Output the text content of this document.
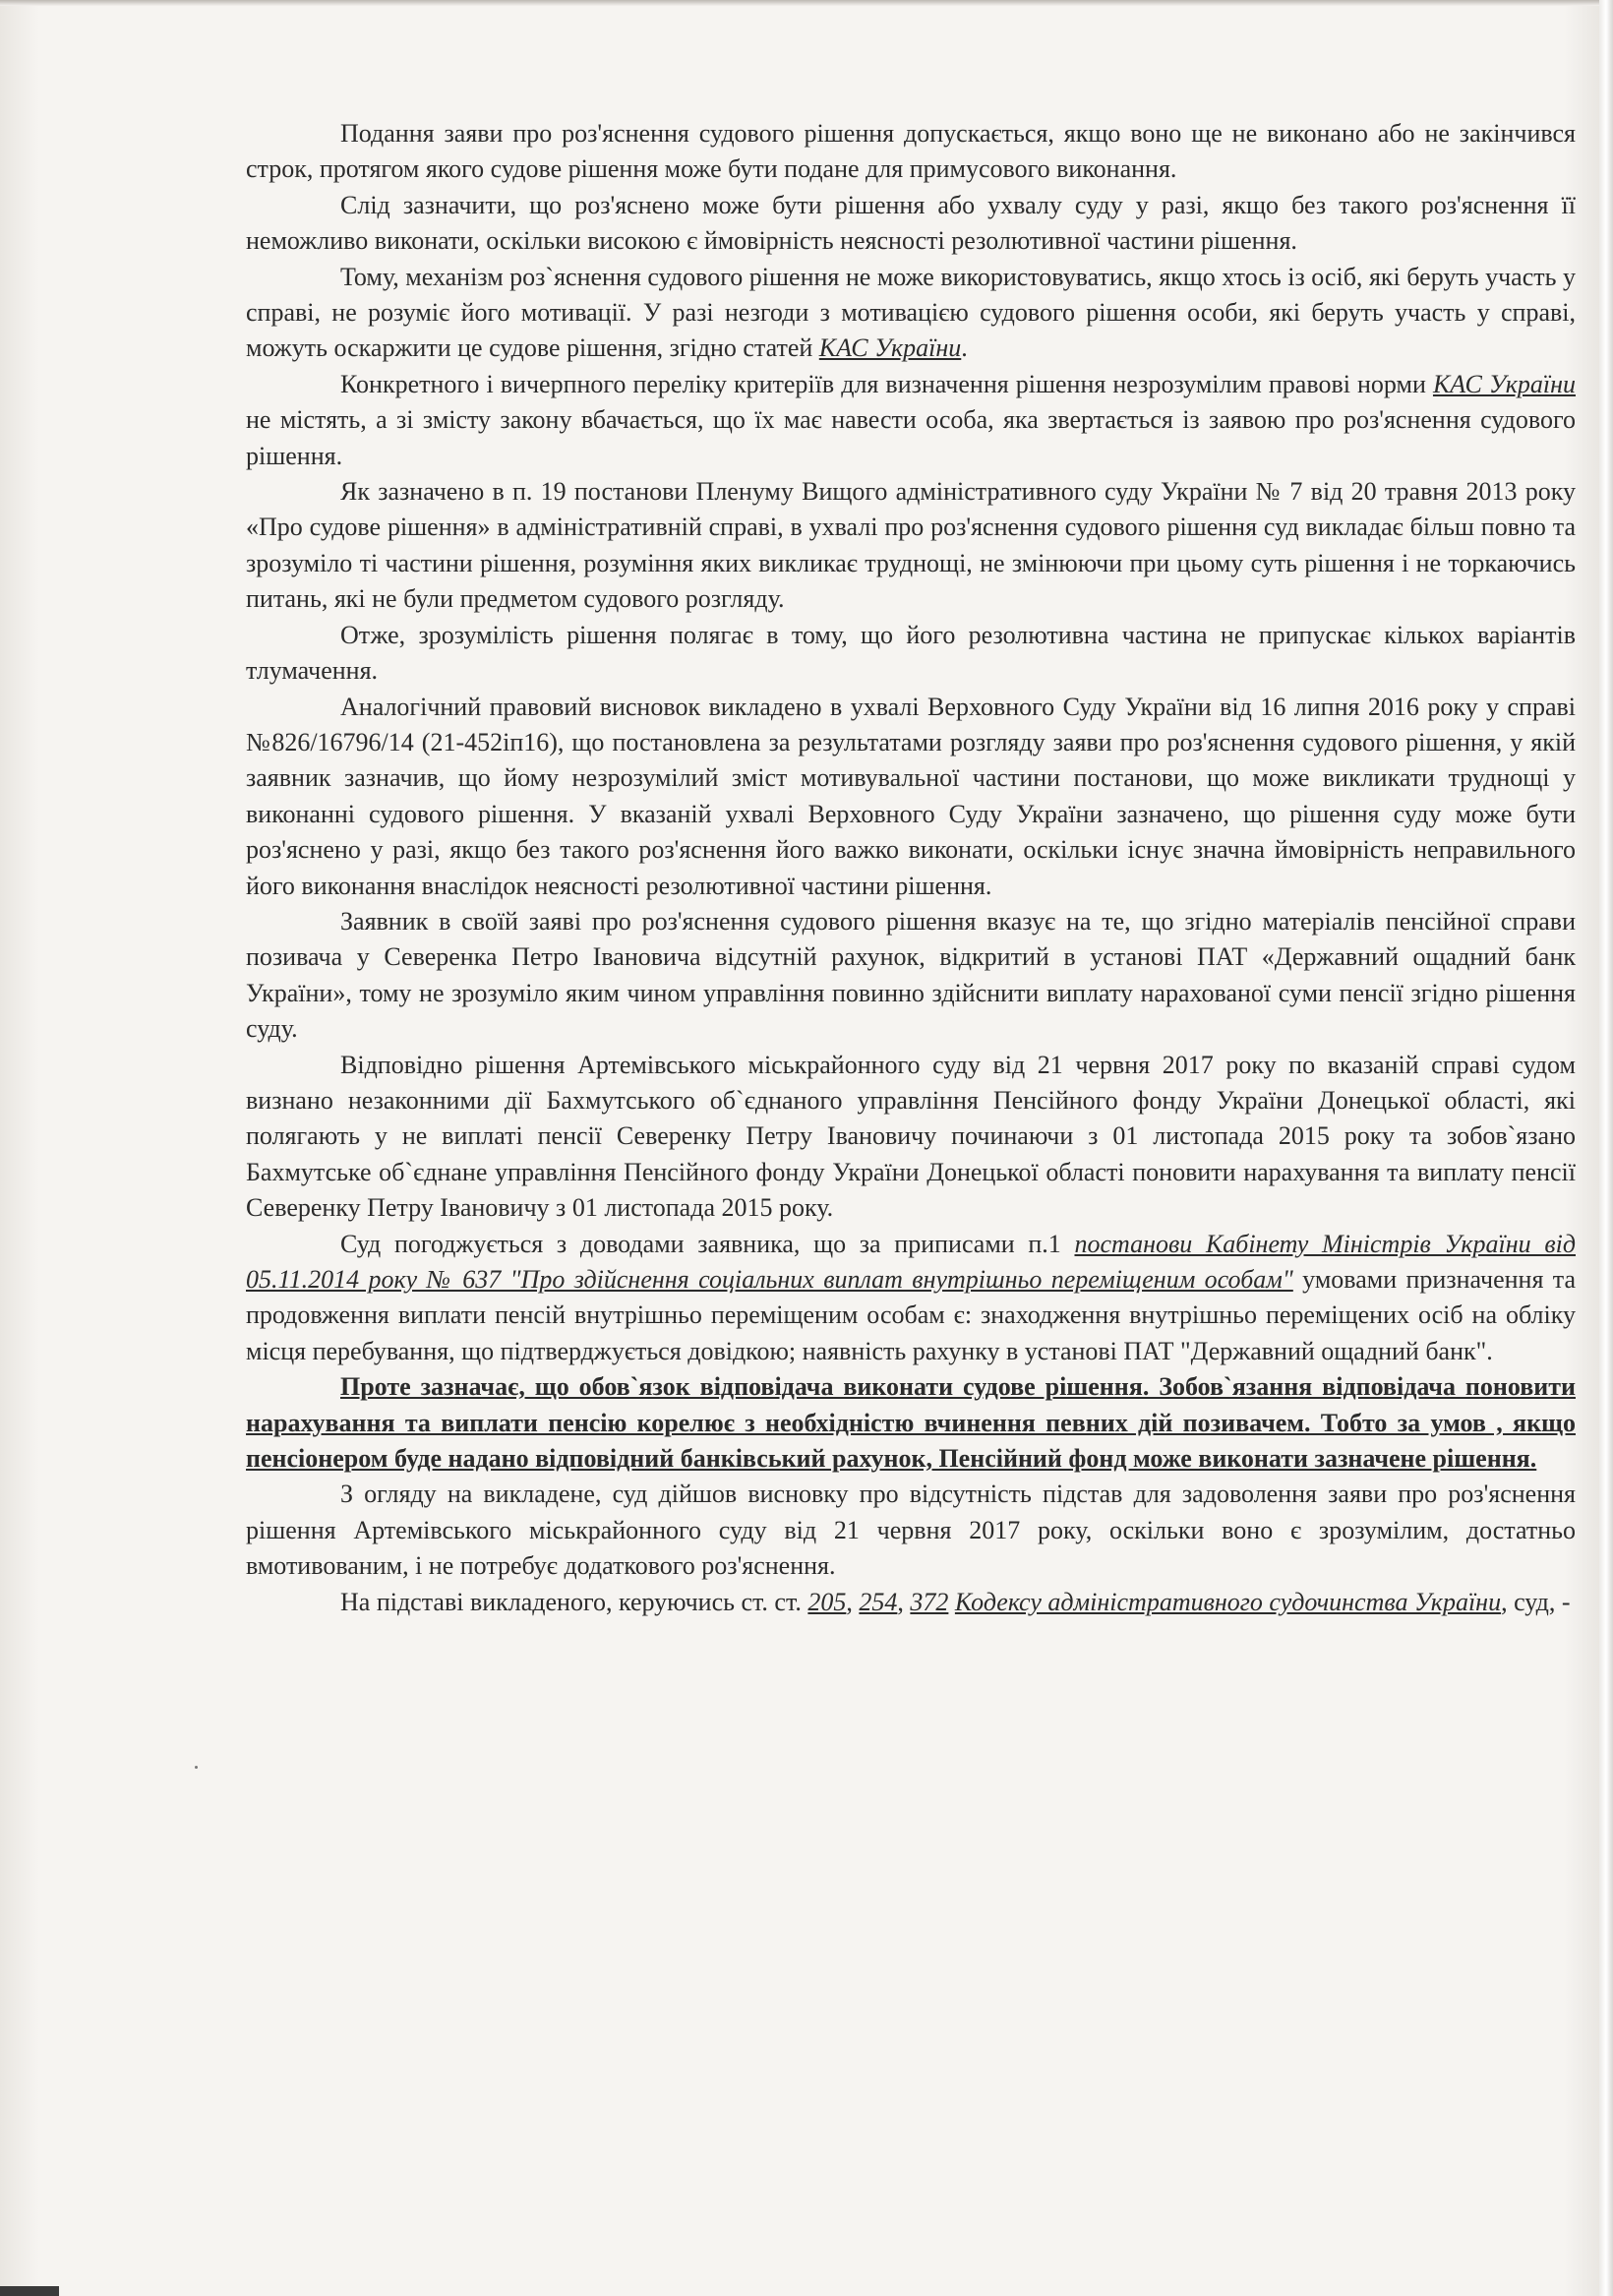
Подання заяви про роз'яснення судового рішення допускається, якщо воно ще не виконано або не закінчився строк, протягом якого судове рішення може бути подане для примусового виконання.

Слід зазначити, що роз'яснено може бути рішення або ухвалу суду у разі, якщо без такого роз'яснення її неможливо виконати, оскільки високою є ймовірність неясності резолютивної частини рішення.

Тому, механізм роз`яснення судового рішення не може використовуватись, якщо хтось із осіб, які беруть участь у справі, не розуміє його мотивації. У разі незгоди з мотивацією судового рішення особи, які беруть участь у справі, можуть оскаржити це судове рішення, згідно статей КАС України.

Конкретного і вичерпного переліку критеріїв для визначення рішення незрозумілим правові норми КАС України не містять, а зі змісту закону вбачається, що їх має навести особа, яка звертається із заявою про роз'яснення судового рішення.

Як зазначено в п. 19 постанови Пленуму Вищого адміністративного суду України № 7 від 20 травня 2013 року «Про судове рішення» в адміністративній справі, в ухвалі про роз'яснення судового рішення суд викладає більш повно та зрозуміло ті частини рішення, розуміння яких викликає труднощі, не змінюючи при цьому суть рішення і не торкаючись питань, які не були предметом судового розгляду.

Отже, зрозумілість рішення полягає в тому, що його резолютивна частина не припускає кількох варіантів тлумачення.

Аналогічний правовий висновок викладено в ухвалі Верховного Суду України від 16 липня 2016 року у справі №826/16796/14 (21-452іп16), що постановлена за результатами розгляду заяви про роз'яснення судового рішення, у якій заявник зазначив, що йому незрозумілий зміст мотивувальної частини постанови, що може викликати труднощі у виконанні судового рішення. У вказаній ухвалі Верховного Суду України зазначено, що рішення суду може бути роз'яснено у разі, якщо без такого роз'яснення його важко виконати, оскільки існує значна ймовірність неправильного його виконання внаслідок неясності резолютивної частини рішення.

Заявник в своїй заяві про роз'яснення судового рішення вказує на те, що згідно матеріалів пенсійної справи позивача у Северенка Петро Івановича відсутній рахунок, відкритий в установі ПАТ «Державний ощадний банк України», тому не зрозуміло яким чином управління повинно здійснити виплату нарахованої суми пенсії згідно рішення суду.

Відповідно рішення Артемівського міськрайонного суду від 21 червня 2017 року по вказаній справі судом визнано незаконними дії Бахмутського об`єднаного управління Пенсійного фонду України Донецької області, які полягають у не виплаті пенсії Северенку Петру Івановичу починаючи з 01 листопада 2015 року та зобов`язано Бахмутське об`єднане управління Пенсійного фонду України Донецької області поновити нарахування та виплату пенсії Северенку Петру Івановичу з 01 листопада 2015 року.

Суд погоджується з доводами заявника, що за приписами п.1 постанови Кабінету Міністрів України від 05.11.2014 року № 637 "Про здійснення соціальних виплат внутрішньо переміщеним особам" умовами призначення та продовження виплати пенсій внутрішньо переміщеним особам є: знаходження внутрішньо переміщених осіб на обліку місця перебування, що підтверджується довідкою; наявність рахунку в установі ПАТ "Державний ощадний банк".

Проте зазначає, що обов`язок відповідача виконати судове рішення. Зобов`язання відповідача поновити нарахування та виплати пенсію корелює з необхідністю вчинення певних дій позивачем. Тобто за умов , якщо пенсіонером буде надано відповідний банківський рахунок, Пенсійний фонд може виконати зазначене рішення.

З огляду на викладене, суд дійшов висновку про відсутність підстав для задоволення заяви про роз'яснення рішення Артемівського міськрайонного суду від 21 червня 2017 року, оскільки воно є зрозумілим, достатньо вмотивованим, і не потребує додаткового роз'яснення.

На підставі викладеного, керуючись ст. ст. 205, 254, 372 Кодексу адміністративного судочинства України, суд, -
